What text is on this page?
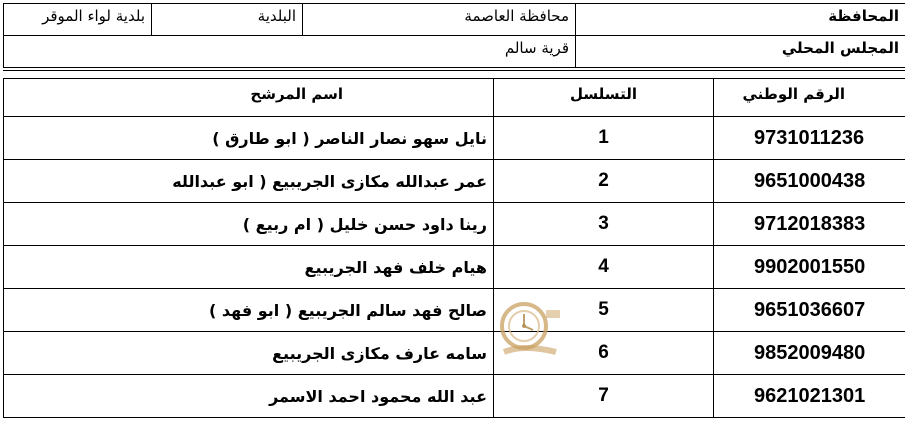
بلدية لواء الموقر	البلدية	محافظة العاصمة	المحافظة
قرية سالم			المجلس المحلي
اسم المرشح	التسلسل	الرقم الوطني
نايل سهو نصار الناصر ( ابو طارق )	1	9731011236
عمر عبدالله مكازى الجريبيع ( ابو عبدالله	2	9651000438
رينا داود حسن خليل ( ام ربيع )	3	9712018383
هيام خلف فهد الجريبيع	4	9902001550
صالح فهد سالم الجريبيع ( ابو فهد )	5	9651036607
سامه عارف مكازى الجريبيع	6	9852009480
عبد الله محمود احمد الاسمر	7	9621021301
